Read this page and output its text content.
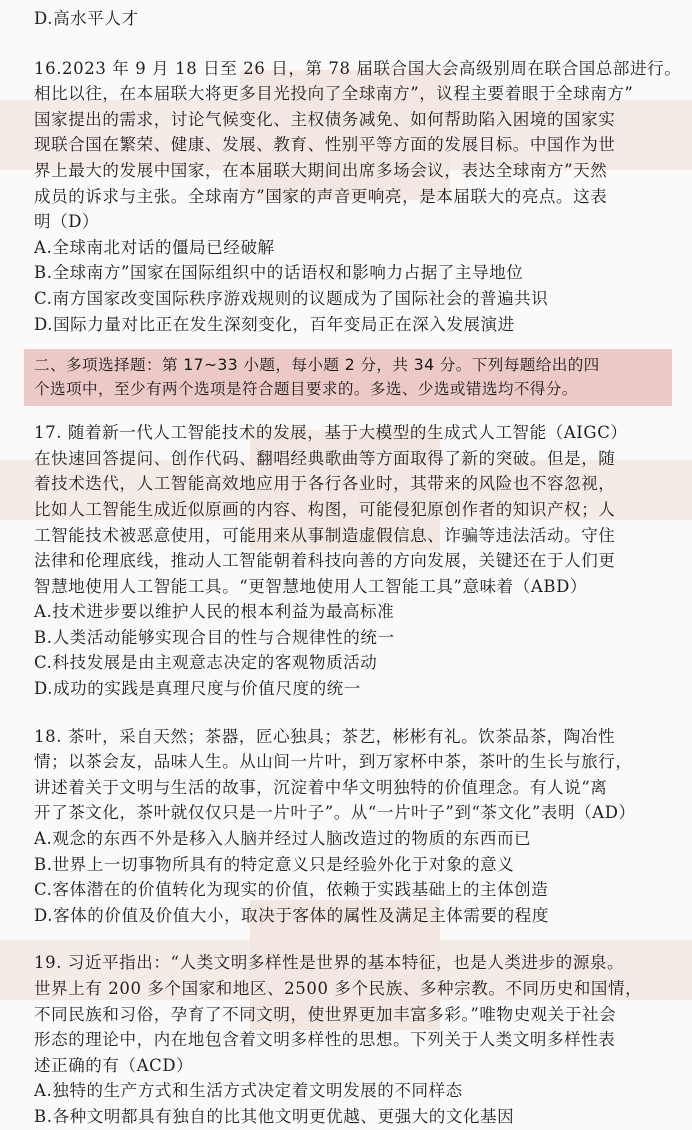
D.高水平人才
16.2023 年 9 月 18 日至 26 日，第 78 届联合国大会高级别周在联合国总部进行。
相比以往，在本届联大将更多目光投向了全球南方”，议程主要着眼于全球南方”
国家提出的需求，讨论气候变化、主权债务减免、如何帮助陷入困境的国家实
现联合国在繁荣、健康、发展、教育、性别平等方面的发展目标。中国作为世
界上最大的发展中国家，在本届联大期间出席多场会议，表达全球南方”天然
成员的诉求与主张。全球南方”国家的声音更响亮，是本届联大的亮点。这表
明（D）
A.全球南北对话的僵局已经破解
B.全球南方”国家在国际组织中的话语权和影响力占据了主导地位
C.南方国家改变国际秩序游戏规则的议题成为了国际社会的普遍共识
D.国际力量对比正在发生深刻变化，百年变局正在深入发展演进
二、多项选择题：第 17~33 小题，每小题 2 分，共 34 分。下列每题给出的四
个选项中，至少有两个选项是符合题目要求的。多选、少选或错选均不得分。
17. 随着新一代人工智能技术的发展，基于大模型的生成式人工智能（AIGC）
在快速回答提问、创作代码、翻唱经典歌曲等方面取得了新的突破。但是，随
着技术迭代，人工智能高效地应用于各行各业时，其带来的风险也不容忽视，
比如人工智能生成近似原画的内容、构图，可能侵犯原创作者的知识产权；人
工智能技术被恶意使用，可能用来从事制造虚假信息、诈骗等违法活动。守住
法律和伦理底线，推动人工智能朝着科技向善的方向发展，关键还在于人们更
智慧地使用人工智能工具。“更智慧地使用人工智能工具”意味着（ABD）
A.技术进步要以维护人民的根本利益为最高标准
B.人类活动能够实现合目的性与合规律性的统一
C.科技发展是由主观意志决定的客观物质活动
D.成功的实践是真理尺度与价值尺度的统一
18. 茶叶，采自天然；茶器，匠心独具；茶艺，彬彬有礼。饮茶品茶，陶冶性
情；以茶会友，品味人生。从山间一片叶，到万家杯中茶，茶叶的生长与旅行，
讲述着关于文明与生活的故事，沉淀着中华文明独特的价值理念。有人说“离
开了茶文化，茶叶就仅仅只是一片叶子”。从“一片叶子”到“茶文化”表明（AD）
A.观念的东西不外是移入人脑并经过人脑改造过的物质的东西而已
B.世界上一切事物所具有的特定意义只是经验外化于对象的意义
C.客体潜在的价值转化为现实的价值，依赖于实践基础上的主体创造
D.客体的价值及价值大小，取决于客体的属性及满足主体需要的程度
19. 习近平指出：“人类文明多样性是世界的基本特征，也是人类进步的源泉。
世界上有 200 多个国家和地区、2500 多个民族、多种宗教。不同历史和国情，
不同民族和习俗，孕育了不同文明，使世界更加丰富多彩。”唯物史观关于社会
形态的理论中，内在地包含着文明多样性的思想。下列关于人类文明多样性表
述正确的有（ACD）
A.独特的生产方式和生活方式决定着文明发展的不同样态
B.各种文明都具有独自的比其他文明更优越、更强大的文化基因
